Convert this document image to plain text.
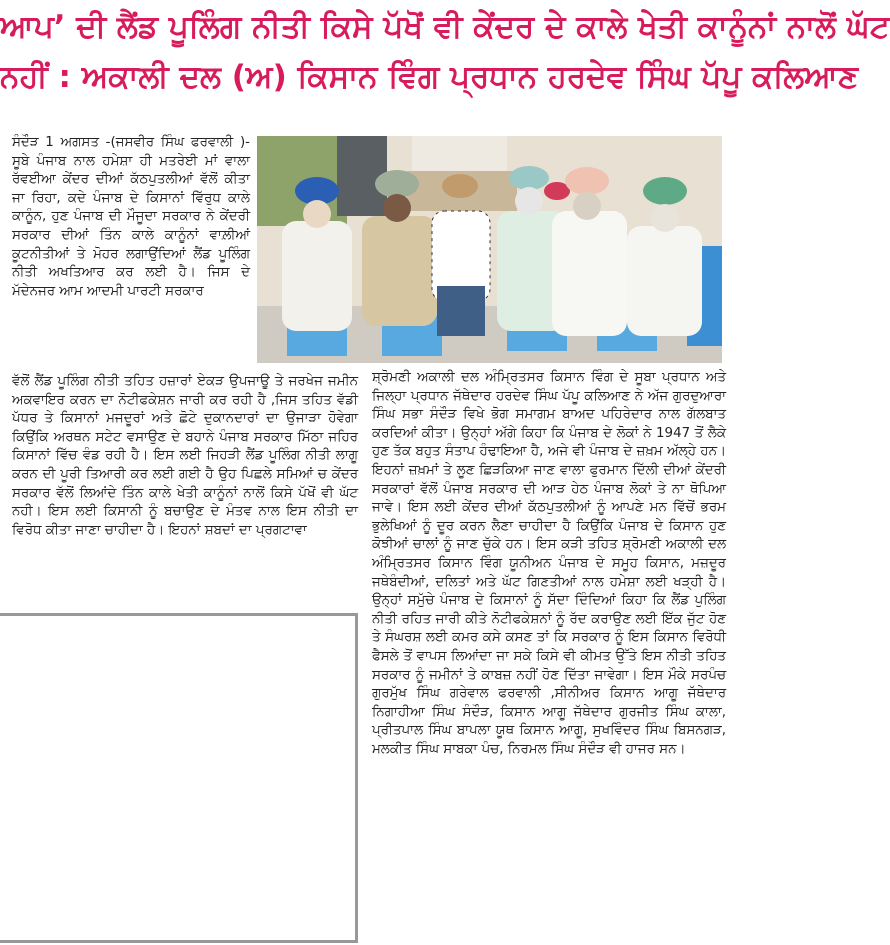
ਆਪ’ ਦੀ ਲੈਂਡ ਪੂਲਿੰਗ ਨੀਤੀ ਕਿਸੇ ਪੱਖੋਂ ਵੀ ਕੇਂਦਰ ਦੇ ਕਾਲੇ ਖੇਤੀ ਕਾਨੂੰਨਾਂ ਨਾਲੋਂ ਘੱਟ
ਨਹੀਂ : ਅਕਾਲੀ ਦਲ (ਅ) ਕਿਸਾਨ ਵਿੰਗ ਪ੍ਰਧਾਨ ਹਰਦੇਵ ਸਿੰਘ ਪੱਪੂ ਕਲਿਆਣ
ਸੰਦੌੜ 1 ਅਗਸਤ -(ਜਸਵੀਰ ਸਿੰਘ ਫਰਵਾਲੀ )- ਸੂਬੇ ਪੰਜਾਬ ਨਾਲ ਹਮੇਸ਼ਾ ਹੀ ਮਤਰੇਈ ਮਾਂ ਵਾਲਾ ਰੱਵਈਆ ਕੇਂਦਰ ਦੀਆਂ ਕੱਠਪੁਤਲੀਆਂ ਵੱਲੋਂ ਕੀਤਾ ਜਾ ਰਿਹਾ, ਕਦੇ ਪੰਜਾਬ ਦੇ ਕਿਸਾਨਾਂ ਵਿੱਰੁਧ ਕਾਲੇ ਕਾਨੂੰਨ, ਹੁਣ ਪੰਜਾਬ ਦੀ ਮੌਜੂਦਾ ਸਰਕਾਰ ਨੇ ਕੇਂਦਰੀ ਸਰਕਾਰ ਦੀਆਂ ਤਿੰਨ ਕਾਲੇ ਕਾਨੂੰਨਾਂ ਵਾਲ਼ੀਆਂ ਕੂਟਨੀਤੀਆਂ ਤੇ ਮੋਹਰ ਲਗਾਉਂਦਿਆਂ ਲੈਂਡ ਪੂਲਿੰਗ ਨੀਤੀ ਅਖਤਿਆਰ ਕਰ ਲਈ ਹੈ। ਜਿਸ ਦੇ ਮੱਦੇਨਜਰ ਆਮ ਆਦਮੀ ਪਾਰਟੀ ਸਰਕਾਰ
ਵੱਲੋਂ ਲੈਂਡ ਪੂਲਿੰਗ ਨੀਤੀ ਤਹਿਤ ਹਜ਼ਾਰਾਂ ਏਕੜ ਉਪਜਾਊ ਤੇ ਜਰਖੇਜ ਜਮੀਨ ਅਕਵਾਇਰ ਕਰਨ ਦਾ ਨੋਟੀਫਕੇਸ਼ਨ ਜਾਰੀ ਕਰ ਰਹੀ ਹੈ ,ਜਿਸ ਤਹਿਤ ਵੱਡੀ ਪੱਧਰ ਤੇ ਕਿਸਾਨਾਂ ਮਜਦੂਰਾਂ ਅਤੇ ਛੋਟੇ ਦੁਕਾਨਦਾਰਾਂ ਦਾ ਉਜਾੜਾ ਹੋਵੇਗਾ ਕਿਉਂਕਿ ਅਰਥਨ ਸਟੇਟ ਵਸਾਉਣ ਦੇ ਬਹਾਨੇ ਪੰਜਾਬ ਸਰਕਾਰ ਮਿੱਠਾ ਜਹਿਰ ਕਿਸਾਨਾਂ ਵਿੱਚ ਵੰਡ ਰਹੀ ਹੈ। ਇਸ ਲਈ ਜਿਹੜੀ ਲੈਂਡ ਪੂਲਿੰਗ ਨੀਤੀ ਲਾਗੂ ਕਰਨ ਦੀ ਪੂਰੀ ਤਿਆਰੀ ਕਰ ਲਈ ਗਈ ਹੈ ਉਹ ਪਿਛਲੇ ਸਮਿਆਂ ਚ ਕੇਂਦਰ ਸਰਕਾਰ ਵੱਲੋਂ ਲਿਆਂਦੇ ਤਿੰਨ ਕਾਲੇ ਖੇਤੀ ਕਾਨੂੰਨਾਂ ਨਾਲੋਂ ਕਿਸੇ ਪੱਖੋਂ ਵੀ ਘੱਟ ਨਹੀ। ਇਸ ਲਈ ਕਿਸਾਨੀ ਨੂੰ ਬਚਾਉਣ ਦੇ ਮੰਤਵ ਨਾਲ ਇਸ ਨੀਤੀ ਦਾ ਵਿਰੋਧ ਕੀਤਾ ਜਾਣਾ ਚਾਹੀਦਾ ਹੈ। ਇਹਨਾਂ ਸ਼ਬਦਾਂ ਦਾ ਪ੍ਰਗਟਾਵਾ
ਸ਼੍ਰੋਮਣੀ ਅਕਾਲੀ ਦਲ ਅੰਮ੍ਰਿਤਸਰ ਕਿਸਾਨ ਵਿੰਗ ਦੇ ਸੂਬਾ ਪ੍ਰਧਾਨ ਅਤੇ ਜਿਲ੍ਹਾ ਪ੍ਰਧਾਨ ਜੱਥੇਦਾਰ ਹਰਦੇਵ ਸਿੰਘ ਪੱਪੂ ਕਲਿਆਣ ਨੇ ਅੱਜ ਗੁਰਦੁਆਰਾ ਸਿੰਘ ਸਭਾ ਸੰਦੌੜ ਵਿਖੇ ਭੋਗ ਸਮਾਗਮ ਬਾਅਦ ਪਹਿਰੇਦਾਰ ਨਾਲ ਗੱਲਬਾਤ ਕਰਦਿਆਂ ਕੀਤਾ। ਉਨ੍ਹਾਂ ਅੱਗੇ ਕਿਹਾ ਕਿ ਪੰਜਾਬ ਦੇ ਲੋਕਾਂ ਨੇ 1947 ਤੋਂ ਲੈਕੇ ਹੁਣ ਤੱਕ ਬਹੁਤ ਸੰਤਾਪ ਹੰਢਾਇਆ ਹੈ, ਅਜੇ ਵੀ ਪੰਜਾਬ ਦੇ ਜ਼ਖ਼ਮ ਅੱਲ੍ਹੇ ਹਨ। ਇਹਨਾਂ ਜ਼ਖ਼ਮਾਂ ਤੇ ਲੂਣ ਛਿੜਕਿਆ ਜਾਣ ਵਾਲਾ ਫੁਰਮਾਨ ਦਿੱਲੀ ਦੀਆਂ ਕੇਂਦਰੀ ਸਰਕਾਰਾਂ ਵੱਲੋਂ ਪੰਜਾਬ ਸਰਕਾਰ ਦੀ ਆੜ ਹੇਠ ਪੰਜਾਬ ਲੋਕਾਂ ਤੇ ਨਾ ਥੋਪਿਆ ਜਾਵੇ। ਇਸ ਲਈ ਕੇਂਦਰ ਦੀਆਂ ਕੱਠਪੁਤਲੀਆਂ ਨੂੰ ਆਪਣੇ ਮਨ ਵਿੱਚੋਂ ਭਰਮ ਭੁਲੇਖਿਆਂ ਨੂੰ ਦੂਰ ਕਰਨ ਲੈਣਾ ਚਾਹੀਦਾ ਹੈ ਕਿਉਂਕਿ ਪੰਜਾਬ ਦੇ ਕਿਸਾਨ ਹੁਣ ਕੋਝੀਆਂ ਚਾਲਾਂ ਨੂੰ ਜਾਣ ਚੁੱਕੇ ਹਨ। ਇਸ ਕੜੀ ਤਹਿਤ ਸ਼੍ਰੋਮਣੀ ਅਕਾਲੀ ਦਲ ਅੰਮ੍ਰਿਤਸਰ ਕਿਸਾਨ ਵਿੰਗ ਯੂਨੀਅਨ ਪੰਜਾਬ ਦੇ ਸਮੂਹ ਕਿਸਾਨ, ਮਜ਼ਦੂਰ ਜਥੇਬੰਦੀਆਂ, ਦਲਿਤਾਂ ਅਤੇ ਘੱਟ ਗਿਣਤੀਆਂ ਨਾਲ ਹਮੇਸ਼ਾ ਲਈ ਖੜ੍ਹੀ ਹੈ। ਉਨ੍ਹਾਂ ਸਮੁੱਚੇ ਪੰਜਾਬ ਦੇ ਕਿਸਾਨਾਂ ਨੂੰ ਸੱਦਾ ਦਿੰਦਿਆਂ ਕਿਹਾ ਕਿ ਲੈਂਡ ਪੁਲਿੰਗ ਨੀਤੀ ਰਹਿਤ ਜਾਰੀ ਕੀਤੇ ਨੋਟੀਫਕੇਸ਼ਨਾਂ ਨੂੰ ਰੱਦ ਕਰਾਉਣ ਲਈ ਇੱਕ ਜੁੱਟ ਹੋਣ ਤੇ ਸੰਘਰਸ਼ ਲਈ ਕਮਰ ਕਸੇ ਕਸਣ ਤਾਂ ਕਿ ਸਰਕਾਰ ਨੂੰ ਇਸ ਕਿਸਾਨ ਵਿਰੋਧੀ ਫੈਸਲੇ ਤੋਂ ਵਾਪਸ ਲਿਆਂਦਾ ਜਾ ਸਕੇ ਕਿਸੇ ਵੀ ਕੀਮਤ ਉੱਤੇ ਇਸ ਨੀਤੀ ਤਹਿਤ ਸਰਕਾਰ ਨੂੰ ਜਮੀਨਾਂ ਤੇ ਕਾਬਜ਼ ਨਹੀਂ ਹੋਣ ਦਿੱਤਾ ਜਾਵੇਗਾ। ਇਸ ਮੌਕੇ ਸਰਪੰਚ ਗੁਰਮੁੱਖ ਸਿੰਘ ਗਰੇਵਾਲ ਫਰਵਾਲੀ ,ਸੀਨੀਅਰ ਕਿਸਾਨ ਆਗੂ ਜੱਥੇਦਾਰ ਨਿਗਾਹੀਆ ਸਿੰਘ ਸੰਦੌੜ, ਕਿਸਾਨ ਆਗੂ ਜੱਥੇਦਾਰ ਗੁਰਜੀਤ ਸਿੰਘ ਕਾਲਾ, ਪ੍ਰੀਤਪਾਲ ਸਿੰਘ ਬਾਪਲਾ ਯੂਥ ਕਿਸਾਨ ਆਗੂ, ਸੁਖਵਿੰਦਰ ਸਿੰਘ ਬਿਸਨਗੜ, ਮਲਕੀਤ ਸਿੰਘ ਸਾਬਕਾ ਪੰਚ, ਨਿਰਮਲ ਸਿੰਘ ਸੰਦੌੜ ਵੀ ਹਾਜਰ ਸਨ।
